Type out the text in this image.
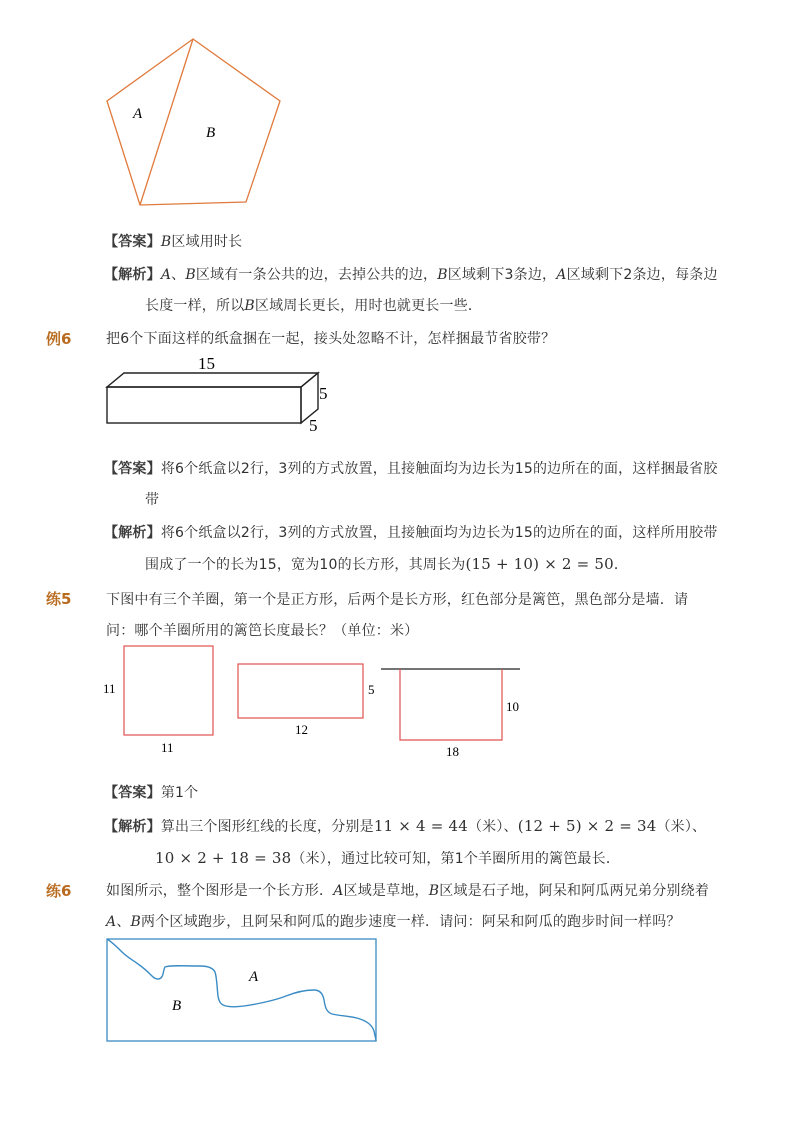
A
B
【答案】B区域用时长
【解析】A、B区域有一条公共的边，去掉公共的边，B区域剩下3条边，A区域剩下2条边，每条边
长度一样，所以B区域周长更长，用时也就更长一些．
例6 把6个下面这样的纸盒捆在一起，接头处忽略不计，怎样捆最节省胶带？
15
5
5
【答案】将6个纸盒以2行，3列的方式放置，且接触面均为边长为15的边所在的面，这样捆最省胶
带
【解析】将6个纸盒以2行，3列的方式放置，且接触面均为边长为15的边所在的面，这样所用胶带
围成了一个的长为15，宽为10的长方形，其周长为(15 + 10) × 2 = 50．
练5 下图中有三个羊圈，第一个是正方形，后两个是长方形，红色部分是篱笆，黑色部分是墙．请
问：哪个羊圈所用的篱笆长度最长？（单位：米）
11
11
5
12
10
18
【答案】第1个
【解析】算出三个图形红线的长度，分别是11 × 4 = 44（米）、(12 + 5) × 2 = 34（米）、
10 × 2 + 18 = 38（米），通过比较可知，第1个羊圈所用的篱笆最长．
练6 如图所示，整个图形是一个长方形．A区域是草地，B区域是石子地，阿呆和阿瓜两兄弟分别绕着
A、B两个区域跑步，且阿呆和阿瓜的跑步速度一样．请问：阿呆和阿瓜的跑步时间一样吗？
A
B
